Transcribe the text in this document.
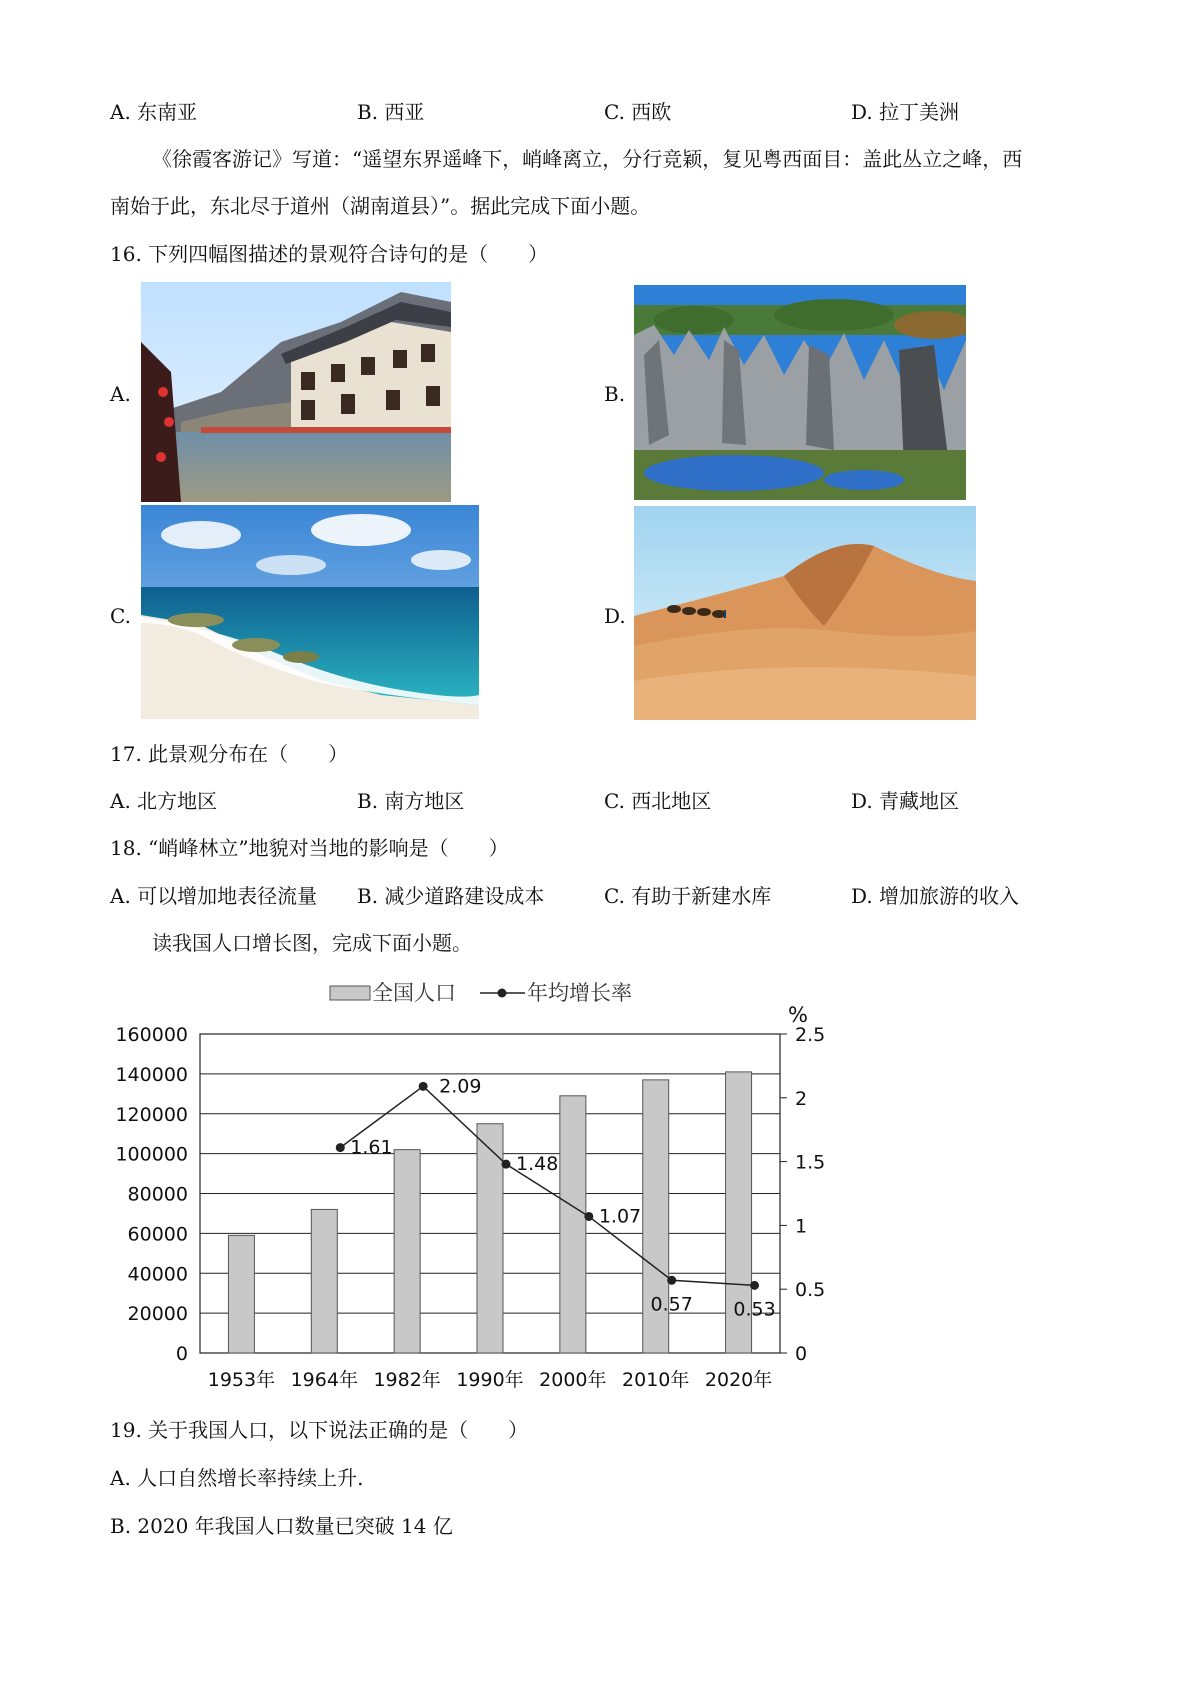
A. 东南亚	B. 西亚	C. 西欧	D. 拉丁美洲
《徐霞客游记》写道：“遥望东界遥峰下，峭峰离立，分行竞颖，复见粤西面目：盖此丛立之峰，西
南始于此，东北尽于道州（湖南道县）”。据此完成下面小题。
16. 下列四幅图描述的景观符合诗句的是（　　）
A.	B.
C.	D.
17. 此景观分布在（　　）
A. 北方地区	B. 南方地区	C. 西北地区	D. 青藏地区
18. “峭峰林立”地貌对当地的影响是（　　）
A. 可以增加地表径流量 B. 减少道路建设成本	C. 有助于新建水库	D. 增加旅游的收入
读我国人口增长图，完成下面小题。
0
20000
40000
60000
80000
100000
120000
140000
160000
0
0.5
1
1.5
2
2.5
%
1953年 1964年 1982年 1990年 2000年 2010年 2020年
1.61
2.09
1.48
1.07
0.57 0.53
全国人口	年均增长率
19. 关于我国人口，以下说法正确的是（　　）
A. 人口自然增长率持续上升.
B. 2020 年我国人口数量已突破 14 亿
